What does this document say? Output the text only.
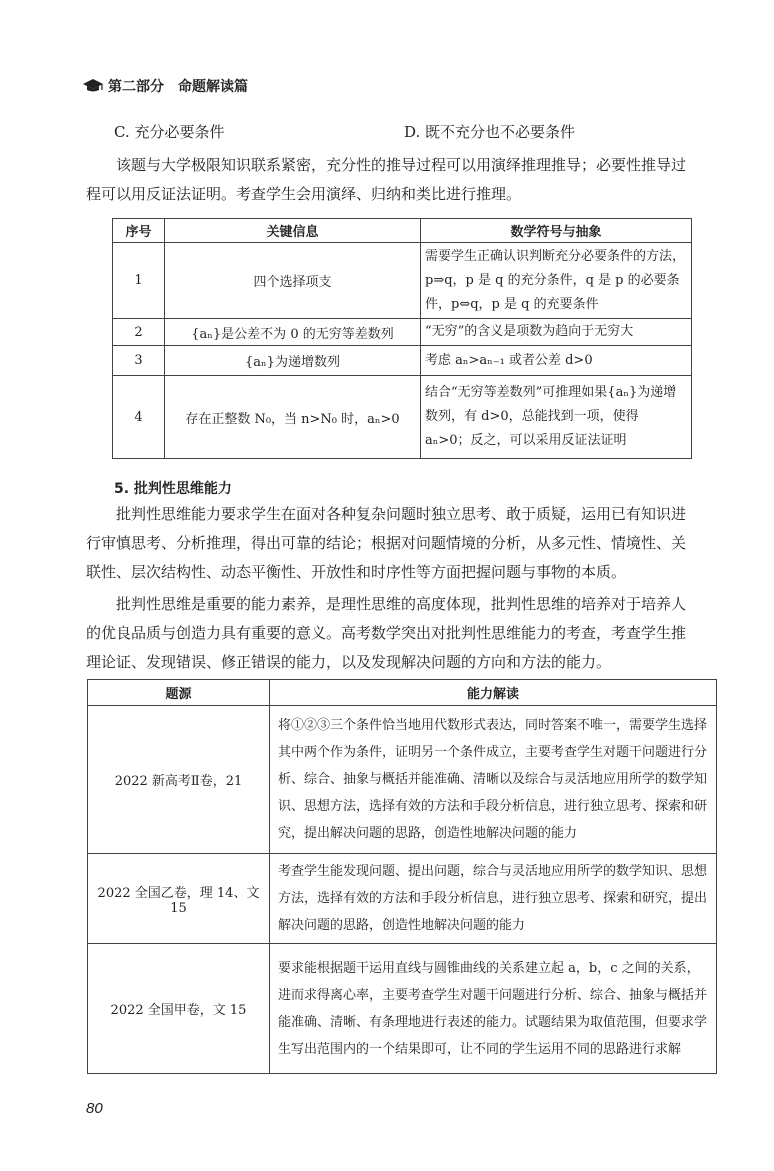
第二部分 命题解读篇
C. 充分必要条件	D. 既不充分也不必要条件

该题与大学极限知识联系紧密，充分性的推导过程可以用演绎推理推导；必要性推导过程可以用反证法证明。考查学生会用演绎、归纳和类比进行推理。

序号	关键信息	数学符号与抽象
1	四个选择项支	需要学生正确认识判断充分必要条件的方法，p⇒q，p 是 q 的充分条件，q 是 p 的必要条件，p⇔q，p 是 q 的充要条件
2	{aₙ}是公差不为 0 的无穷等差数列	“无穷”的含义是项数为趋向于无穷大
3	{aₙ}为递增数列	考虑 aₙ>aₙ₋₁ 或者公差 d>0
4	存在正整数 N₀，当 n>N₀ 时，aₙ>0	结合“无穷等差数列”可推理如果{aₙ}为递增数列，有 d>0，总能找到一项，使得 aₙ>0；反之，可以采用反证法证明
5. 批判性思维能力

批判性思维能力要求学生在面对各种复杂问题时独立思考、敢于质疑，运用已有知识进行审慎思考、分析推理，得出可靠的结论；根据对问题情境的分析，从多元性、情境性、关联性、层次结构性、动态平衡性、开放性和时序性等方面把握问题与事物的本质。

批判性思维是重要的能力素养，是理性思维的高度体现，批判性思维的培养对于培养人的优良品质与创造力具有重要的意义。高考数学突出对批判性思维能力的考查，考查学生推理论证、发现错误、修正错误的能力，以及发现解决问题的方向和方法的能力。

题源	能力解读
2022 新高考Ⅱ卷，21	将①②③三个条件恰当地用代数形式表达，同时答案不唯一，需要学生选择其中两个作为条件，证明另一个条件成立，主要考查学生对题干问题进行分析、综合、抽象与概括并能准确、清晰以及综合与灵活地应用所学的数学知识、思想方法，选择有效的方法和手段分析信息，进行独立思考、探索和研究，提出解决问题的思路，创造性地解决问题的能力
2022 全国乙卷，理 14、文 15	考查学生能发现问题、提出问题，综合与灵活地应用所学的数学知识、思想方法，选择有效的方法和手段分析信息，进行独立思考、探索和研究，提出解决问题的思路，创造性地解决问题的能力
2022 全国甲卷，文 15	要求能根据题干运用直线与圆锥曲线的关系建立起 a，b，c 之间的关系，进而求得离心率，主要考查学生对题干问题进行分析、综合、抽象与概括并能准确、清晰、有条理地进行表述的能力。试题结果为取值范围，但要求学生写出范围内的一个结果即可，让不同的学生运用不同的思路进行求解
80
